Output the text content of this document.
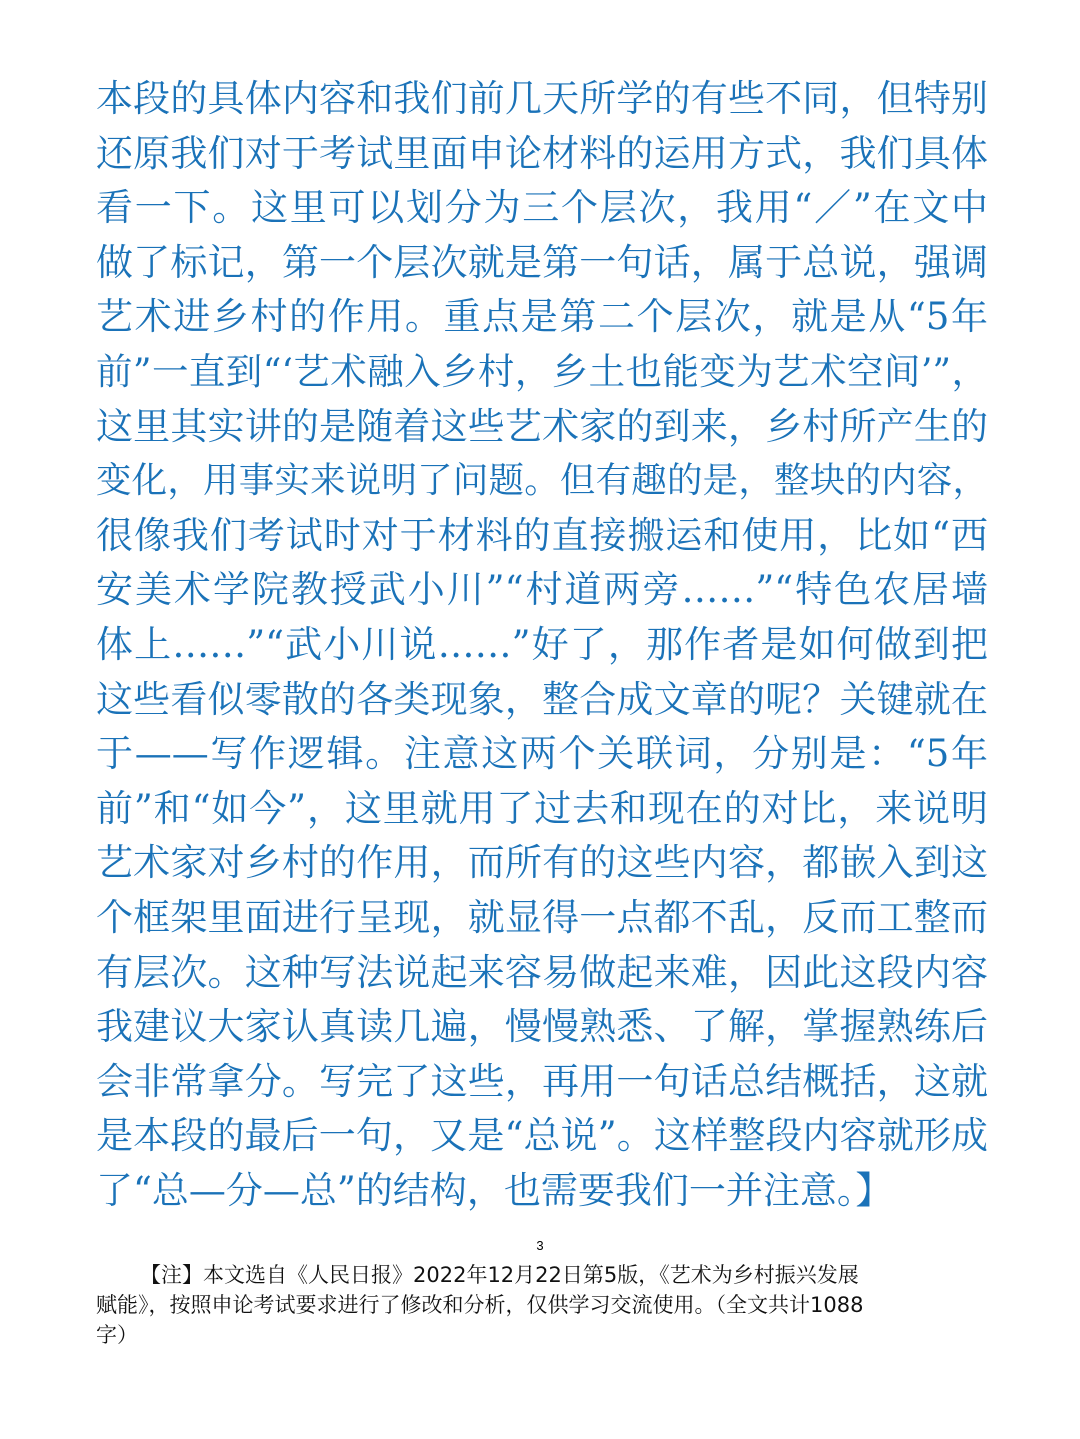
本段的具体内容和我们前几天所学的有些不同，但特别
还原我们对于考试里面申论材料的运用方式，我们具体
看一下。这里可以划分为三个层次，我用“／”在文中
做了标记，第一个层次就是第一句话，属于总说，强调
艺术进乡村的作用。重点是第二个层次，就是从“5年
前”一直到“‘艺术融入乡村，乡土也能变为艺术空间’”，
这里其实讲的是随着这些艺术家的到来，乡村所产生的
变化，用事实来说明了问题。但有趣的是，整块的内容，
很像我们考试时对于材料的直接搬运和使用，比如“西
安美术学院教授武小川”“村道两旁……”“特色农居墙
体上……”“武小川说……”好了，那作者是如何做到把
这些看似零散的各类现象，整合成文章的呢？关键就在
于——写作逻辑。注意这两个关联词，分别是：“5年
前”和“如今”，这里就用了过去和现在的对比，来说明
艺术家对乡村的作用，而所有的这些内容，都嵌入到这
个框架里面进行呈现，就显得一点都不乱，反而工整而
有层次。这种写法说起来容易做起来难，因此这段内容
我建议大家认真读几遍，慢慢熟悉、了解，掌握熟练后
会非常拿分。写完了这些，再用一句话总结概括，这就
是本段的最后一句，又是“总说”。这样整段内容就形成
了“总—分—总”的结构，也需要我们一并注意。】
3
【注】本文选自《人民日报》2022年12月22日第5版，《艺术为乡村振兴发展
赋能》，按照申论考试要求进行了修改和分析，仅供学习交流使用。（全文共计1088
字）
